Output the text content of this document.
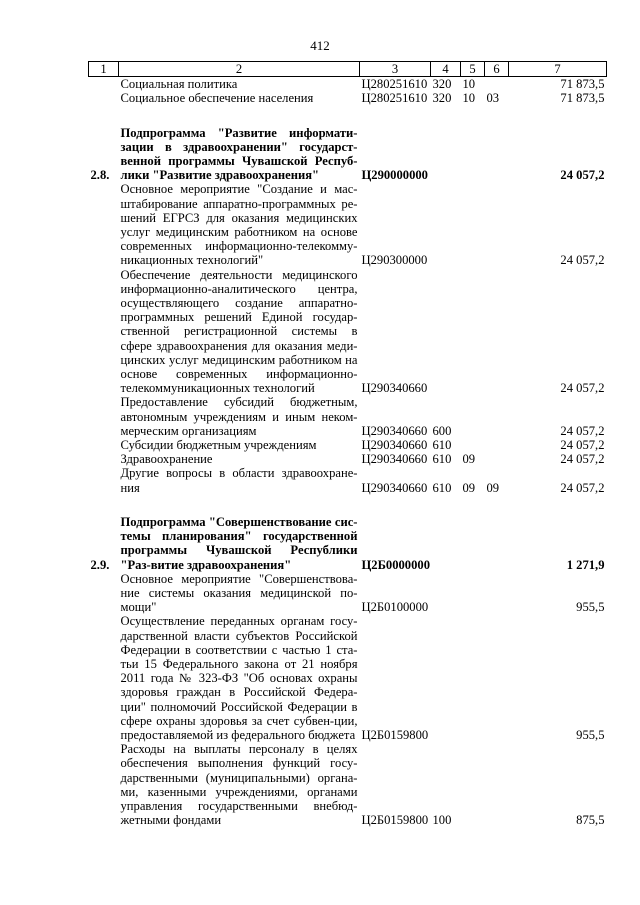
412
1	2	3	4	5	6	7
	Социальная политика	Ц280251610	320	10		71 873,5
	Социальное обеспечение населения	Ц280251610	320	10	03	71 873,5

2.8.	Подпрограмма "Развитие информати-зации в здравоохранении" государст-венной программы Чувашской Респуб-лики "Развитие здравоохранения"	Ц290000000				24 057,2
	Основное мероприятие "Создание и мас-штабирование аппаратно-программных ре-шений ЕГРСЗ для оказания медицинских услуг медицинским работником на основе современных информационно-телекомму-никационных технологий"	Ц290300000				24 057,2
	Обеспечение деятельности медицинского информационно-аналитического центра, осуществляющего создание аппаратно-программных решений Единой государ-ственной регистрационной системы в сфере здравоохранения для оказания меди-цинских услуг медицинским работником на основе современных информационно-телекоммуникационных технологий	Ц290340660				24 057,2
	Предоставление субсидий бюджетным, автономным учреждениям и иным неком-мерческим организациям	Ц290340660	600			24 057,2
	Субсидии бюджетным учреждениям	Ц290340660	610			24 057,2
	Здравоохранение	Ц290340660	610	09		24 057,2
	Другие вопросы в области здравоохране-ния	Ц290340660	610	09	09	24 057,2

2.9.	Подпрограмма "Совершенствование сис-темы планирования" государственной программы Чувашской Республики "Раз-витие здравоохранения"	Ц2Б0000000				1 271,9
	Основное мероприятие "Совершенствова-ние системы оказания медицинской по-мощи"	Ц2Б0100000				955,5
	Осуществление переданных органам госу-дарственной власти субъектов Российской Федерации в соответствии с частью 1 ста-тьи 15 Федерального закона от 21 ноября 2011 года № 323-ФЗ "Об основах охраны здоровья граждан в Российской Федера-ции" полномочий Российской Федерации в сфере охраны здоровья за счет субвен-ции, предоставляемой из федерального бюджета	Ц2Б0159800				955,5
	Расходы на выплаты персоналу в целях обеспечения выполнения функций госу-дарственными (муниципальными) органа-ми, казенными учреждениями, органами управления государственными внебюд-жетными фондами	Ц2Б0159800	100			875,5
